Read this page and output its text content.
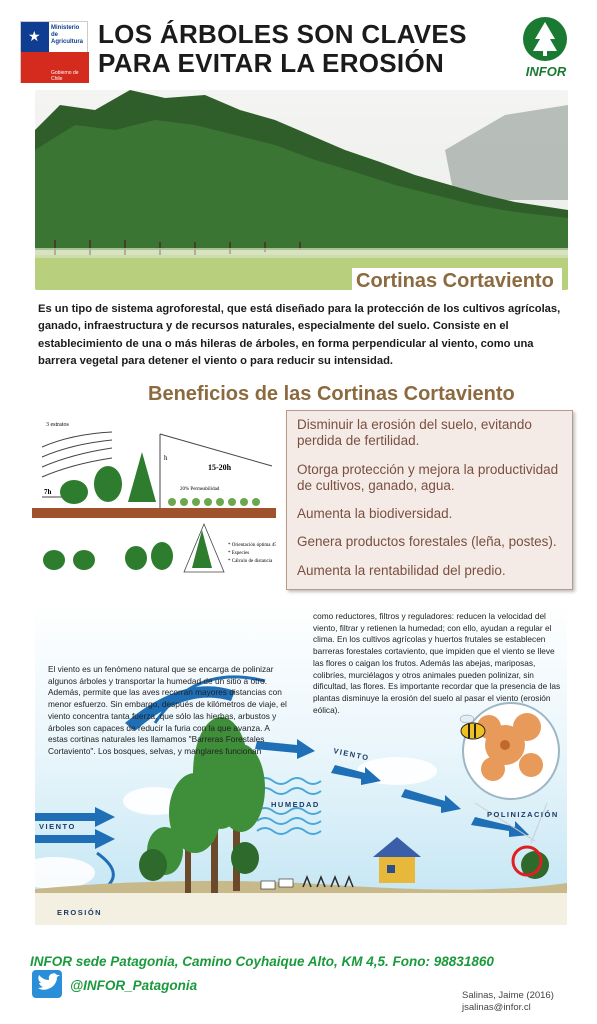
★ Ministerio de Agricultura
Gobierno de Chile
LOS ÁRBOLES SON CLAVES
PARA EVITAR LA EROSIÓN	INFOR
Cortinas Cortaviento
Es un tipo de sistema agroforestal, que está diseñado para la protección de los cultivos agrícolas, ganado, infraestructura y de recursos naturales, especialmente del suelo. Consiste en el establecimiento de una o más hileras de árboles, en forma perpendicular al viento, como una barrera vegetal para detener el viento o para reducir su intensidad.
Beneficios de las Cortinas Cortaviento
3 estratos
h
15-20h
7h	20% Permeabilidad
* Orientación óptima 45°
* Especies
* Cálculo de distancia
Disminuir la erosión del suelo, evitando perdida de fertilidad.
Otorga protección y mejora la productividad de cultivos, ganado, agua.
Aumenta la biodiversidad.
Genera productos forestales (leña, postes).
Aumenta la rentabilidad del predio.
VIENTO
VIENTO
HUMEDAD
POLINIZACIÓN
EROSIÓN
El viento es un fenómeno natural que se encarga de polinizar algunos árboles y transportar la humedad de un sitio a otro. Además, permite que las aves recorran mayores distancias con menor esfuerzo. Sin embargo, después de kilómetros de viaje, el viento concentra tanta fuerza, que sólo las hierbas, arbustos y árboles son capaces de reducir la furia con la que avanza. A estas cortinas naturales les llamamos "Barreras Forestales Cortaviento". Los bosques, selvas, y manglares funcionan
como reductores, filtros y reguladores: reducen la velocidad del viento, filtrar y retienen la humedad; con ello, ayudan a regular el clima. En los cultivos agrícolas y huertos frutales se establecen barreras forestales cortaviento, que impiden que el viento se lleve las flores o caigan los frutos. Además las abejas, mariposas, colibríes, murciélagos y otros animales pueden polinizar, sin dificultad, las flores. Es importante recordar que la presencia de las plantas disminuye la erosión del suelo al pasar el viento (erosión eólica).
INFOR sede Patagonia, Camino Coyhaique Alto, KM 4,5. Fono: 98831860
@INFOR_Patagonia
Salinas, Jaime (2016)
jsalinas@infor.cl
